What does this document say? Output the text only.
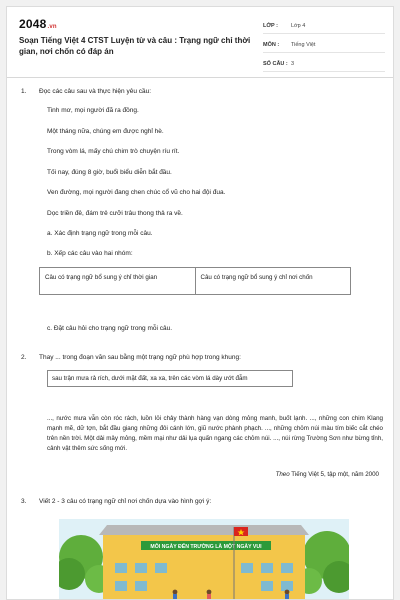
2048.vn
Soạn Tiếng Việt 4 CTST Luyện từ và câu : Trạng ngữ chỉ thời gian, nơi chốn có đáp án
LỚP :	Lớp 4
MÔN :	Tiếng Việt
SỐ CÂU : 3
1.	Đọc các câu sau và thực hiện yêu cầu:
Tinh mơ, mọi người đã ra đồng.
Một tháng nữa, chúng em được nghỉ hè.
Trong vòm lá, mấy chú chim trò chuyện ríu rít.
Tối nay, đúng 8 giờ, buổi biểu diễn bắt đầu.
Ven đường, mọi người đang chen chúc cổ vũ cho hai đội đua.
Dọc triền đê, đám trẻ cưỡi trâu thong thả ra về.
a. Xác định trạng ngữ trong mỗi câu.
b. Xếp các câu vào hai nhóm:
Câu có trạng ngữ bổ sung ý chỉ thời gian	Câu có trạng ngữ bổ sung ý chỉ nơi chốn
c. Đặt câu hỏi cho trạng ngữ trong mỗi câu.
2.	Thay ... trong đoạn văn sau bằng một trạng ngữ phù hợp trong khung:
sau trận mưa rả rích, dưới mặt đất, xa xa, trên các vòm lá dày ướt đẫm
..., nước mưa vẫn còn róc rách, luồn lỏi chảy thành hàng vạn dòng mỏng manh, buốt lạnh. ..., những con chim Klang mạnh mẽ, dữ tợn, bắt đầu giang những đôi cánh lớn, giũ nước phành phạch. ..., những chỏm núi màu tím biếc cắt chéo trên nền trời. Một dải mây mỏng, mềm mại như dải lụa quấn ngang các chỏm núi. ..., núi rừng Trường Sơn như bừng tỉnh, cảnh vật thêm sức sống mới.
Theo Tiếng Việt 5, tập một, năm 2000
3.	Viết 2 - 3 câu có trạng ngữ chỉ nơi chốn dựa vào hình gợi ý:
MỖI NGÀY ĐẾN TRƯỜNG LÀ MỘT NGÀY VUI
